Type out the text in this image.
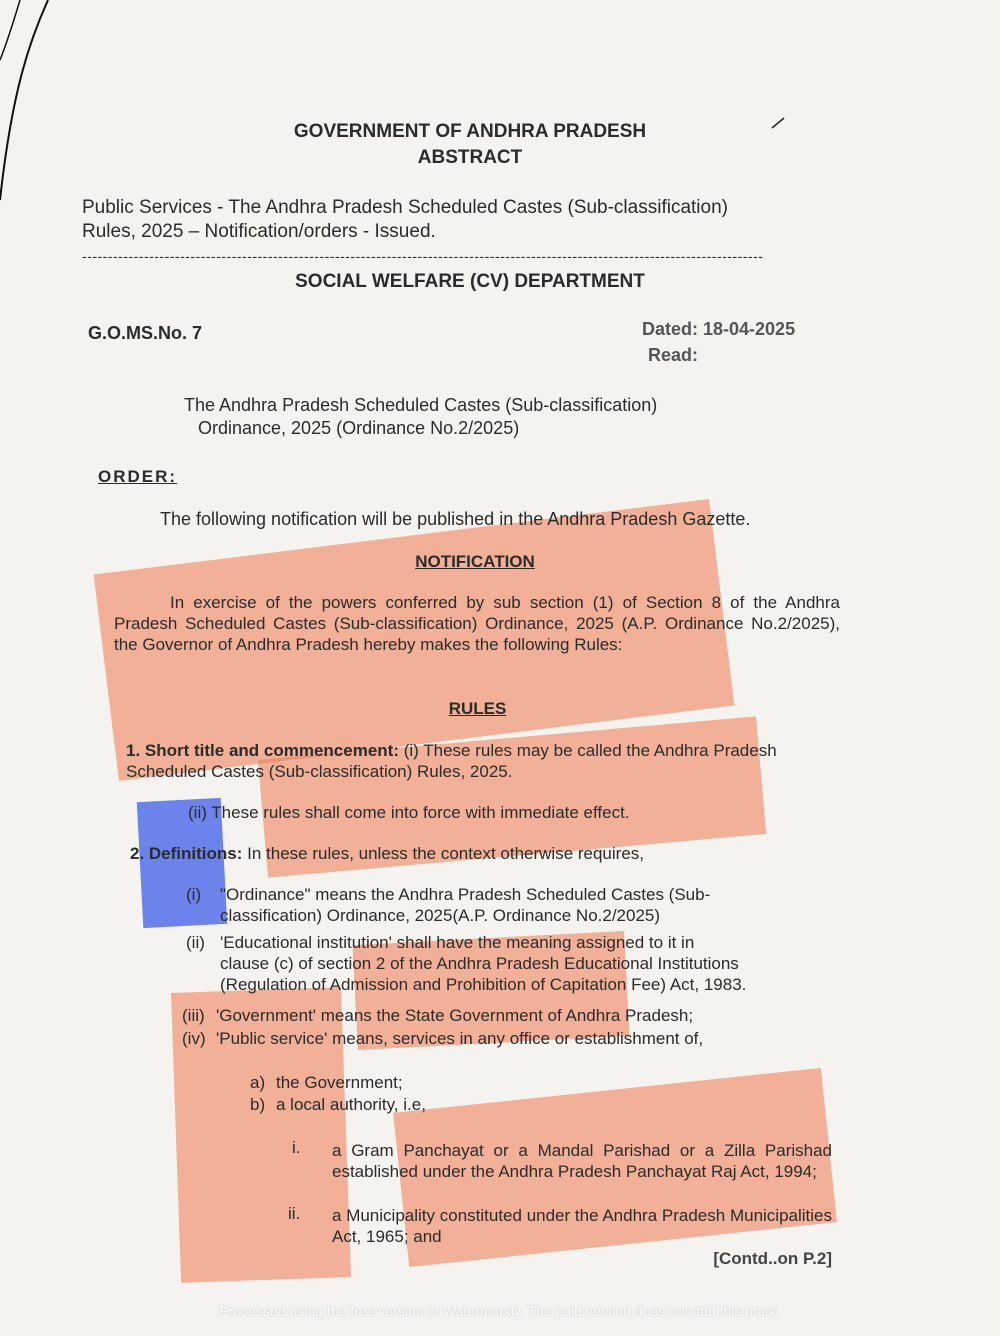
GOVERNMENT OF ANDHRA PRADESH
ABSTRACT
Public Services - The Andhra Pradesh Scheduled Castes (Sub-classification)
Rules, 2025 – Notification/orders - Issued.
------------------------------------------------------------------------------------------------------------------------------------
SOCIAL WELFARE (CV) DEPARTMENT
G.O.MS.No. 7	Dated: 18-04-2025
Read:
The Andhra Pradesh Scheduled Castes (Sub-classification)
Ordinance, 2025 (Ordinance No.2/2025)
ORDER:
The following notification will be published in the Andhra Pradesh Gazette.
NOTIFICATION
In exercise of the powers conferred by sub section (1) of Section 8 of the Andhra Pradesh Scheduled Castes (Sub-classification) Ordinance, 2025 (A.P. Ordinance No.2/2025), the Governor of Andhra Pradesh hereby makes the following Rules:
RULES
1. Short title and commencement: (i) These rules may be called the Andhra Pradesh Scheduled Castes (Sub-classification) Rules, 2025.
(ii) These rules shall come into force with immediate effect.
2. Definitions: In these rules, unless the context otherwise requires,
(i) "Ordinance" means the Andhra Pradesh Scheduled Castes (Sub-
classification) Ordinance, 2025(A.P. Ordinance No.2/2025)
(ii) 'Educational institution' shall have the meaning assigned to it in
clause (c) of section 2 of the Andhra Pradesh Educational Institutions
(Regulation of Admission and Prohibition of Capitation Fee) Act, 1983.
(iii) 'Government' means the State Government of Andhra Pradesh;
(iv) 'Public service' means, services in any office or establishment of,
a) the Government;
b) a local authority, i.e,
i. a Gram Panchayat or a Mandal Parishad or a Zilla Parishad established under the Andhra Pradesh Panchayat Raj Act, 1994;
ii. a Municipality constituted under the Andhra Pradesh Municipalities Act, 1965; and
[Contd..on P.2]
Processed using the free version of Watermarkly. The paid version does not add this mark.
